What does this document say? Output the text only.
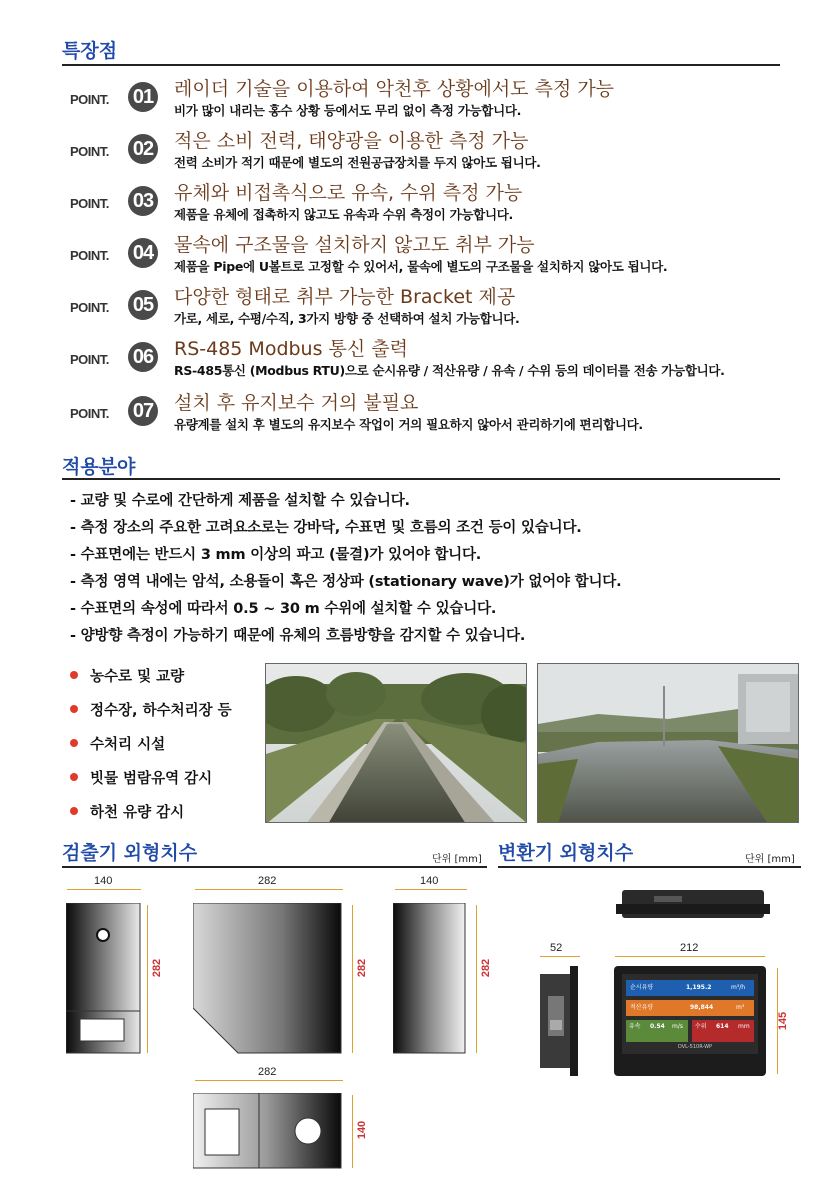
특장점
POINT. 01 레이더 기술을 이용하여 악천후 상황에서도 측정 가능
비가 많이 내리는 홍수 상황 등에서도 무리 없이 측정 가능합니다.
POINT. 02 적은 소비 전력, 태양광을 이용한 측정 가능
전력 소비가 적기 때문에 별도의 전원공급장치를 두지 않아도 됩니다.
POINT. 03 유체와 비접촉식으로 유속, 수위 측정 가능
제품을 유체에 접촉하지 않고도 유속과 수위 측정이 가능합니다.
POINT. 04 물속에 구조물을 설치하지 않고도 취부 가능
제품을 Pipe에 U볼트로 고정할 수 있어서, 물속에 별도의 구조물을 설치하지 않아도 됩니다.
POINT. 05 다양한 형태로 취부 가능한 Bracket 제공
가로, 세로, 수평/수직, 3가지 방향 중 선택하여 설치 가능합니다.
POINT. 06 RS-485 Modbus 통신 출력
RS-485통신 (Modbus RTU)으로 순시유량 / 적산유량 / 유속 / 수위 등의 데이터를 전송 가능합니다.
POINT. 07 설치 후 유지보수 거의 불필요
유량계를 설치 후 별도의 유지보수 작업이 거의 필요하지 않아서 관리하기에 편리합니다.
적용분야
- 교량 및 수로에 간단하게 제품을 설치할 수 있습니다.
- 측정 장소의 주요한 고려요소로는 강바닥, 수표면 및 흐름의 조건 등이 있습니다.
- 수표면에는 반드시 3 mm 이상의 파고 (물결)가 있어야 합니다.
- 측정 영역 내에는 암석, 소용돌이 혹은 정상파 (stationary wave)가 없어야 합니다.
- 수표면의 속성에 따라서 0.5 ~ 30 m 수위에 설치할 수 있습니다.
- 양방향 측정이 가능하기 때문에 유체의 흐름방향을 감지할 수 있습니다.
농수로 및 교량
정수장, 하수처리장 등
수처리 시설
빗물 범람유역 감시
하천 유량 감시
검출기 외형치수	단위 [mm] 변환기 외형치수	단위 [mm]
140
282
282
282
140
282
282
140
52	212
순시유량	1,195.2	m³/h
적산유량	98,844	m³
유속 0.54 m/s 수위 614 mm
DVL-510R-WP
145
